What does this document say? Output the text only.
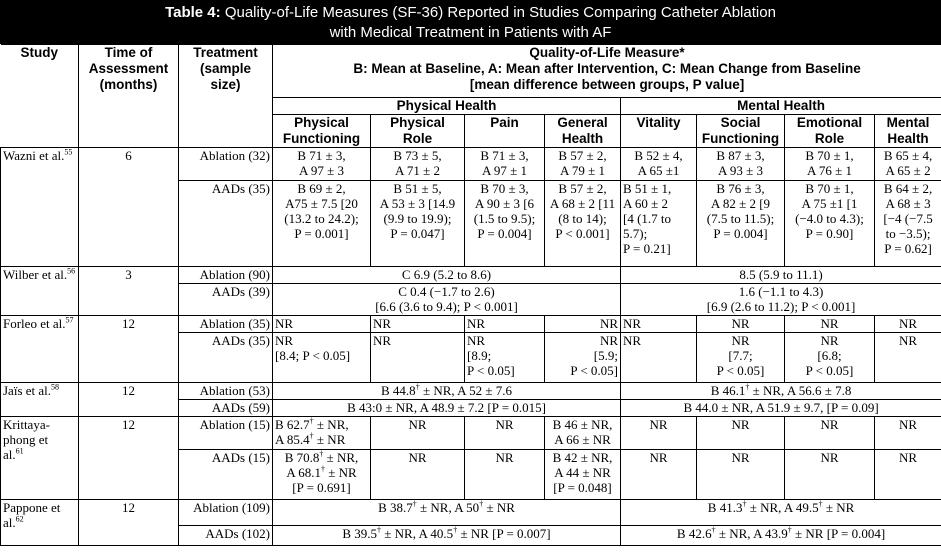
Table 4: Quality-of-Life Measures (SF-36) Reported in Studies Comparing Catheter Ablation
with Medical Treatment in Patients with AF
Study	Time of
Assessment
(months)	Treatment
(sample
size)	Quality-of-Life Measure*
B: Mean at Baseline, A: Mean after Intervention, C: Mean Change from Baseline
[mean difference between groups, P value]							
			Physical Health				Mental Health			
			Physical
Functioning	Physical
Role	Pain	General
Health	Vitality	Social
Functioning	Emotional
Role	Mental
Health
Wazni et al.$^{55}$	6	Ablation (32)	B 71 ± 3,
A 97 ± 3	B 73 ± 5,
A 71 ± 2	B 71 ± 3,
A 97 ± 1	B 57 ± 2,
A 79 ± 1	B 52 ± 4,
A 65 ±1	B 87 ± 3,
A 93 ± 3	B 70 ± 1,
A 76 ± 1	B 65 ± 4,
A 65 ± 2
		AADs (35)	B 69 ± 2,
A75 ± 7.5 [20
(13.2 to 24.2);
P = 0.001]	B 51 ± 5,
A 53 ± 3 [14.9
(9.9 to 19.9);
P = 0.047]	B 70 ± 3,
A 90 ± 3 [6
(1.5 to 9.5);
P = 0.004]	B 57 ± 2,
A 68 ± 2 [11
(8 to 14);
P < 0.001]	B 51 ± 1,
A 60 ± 2
[4 (1.7 to
5.7);
P = 0.21]	B 76 ± 3,
A 82 ± 2 [9
(7.5 to 11.5);
P = 0.004]	B 70 ± 1,
A 75 ±1 [1
(−4.0 to 4.3);
P = 0.90]	B 64 ± 2,
A 68 ± 3
[−4 (−7.5
to −3.5);
P = 0.62]
Wilber et al.$^{56}$	3	Ablation (90)	C 6.9 (5.2 to 8.6)				8.5 (5.9 to 11.1)			
		AADs (39)	C 0.4 (−1.7 to 2.6)
[6.6 (3.6 to 9.4); P < 0.001]				1.6 (−1.1 to 4.3)
[6.9 (2.6 to 11.2); P < 0.001]			
Forleo et al.$^{57}$	12	Ablation (35)	NR	NR	NR	NR	NR	NR	NR	NR
		AADs (35)	NR
[8.4; P < 0.05]	NR	NR
[8.9;
P < 0.05]	NR
[5.9;
P < 0.05]	NR	NR
[7.7;
P < 0.05]	NR
[6.8;
P < 0.05]	NR
Jaïs et al.$^{58}$	12	Ablation (53)	B 44.8† ± NR, A 52 ± 7.6				B 46.1† ± NR, A 56.6 ± 7.8			
		AADs (59)	B 43:0 ± NR, A 48.9 ± 7.2 [P = 0.015]				B 44.0 ± NR, A 51.9 ± 9.7, [P = 0.09]			
Krittaya-
phong et
al.$^{61}$	12	Ablation (15)	B 62.7† ± NR,
A 85.4† ± NR	NR	NR	B 46 ± NR,
A 66 ± NR	NR	NR	NR	NR
		AADs (15)	B 70.8† ± NR,
A 68.1† ± NR
[P = 0.691]	NR	NR	B 42 ± NR,
A 44 ± NR
[P = 0.048]	NR	NR	NR	NR
Pappone et
al.$^{62}$	12	Ablation (109)	B 38.7† ± NR, A 50† ± NR				B 41.3† ± NR, A 49.5† ± NR			
		AADs (102)	B 39.5† ± NR, A 40.5† ± NR [P = 0.007]				B 42.6† ± NR, A 43.9† ± NR [P = 0.004]			
